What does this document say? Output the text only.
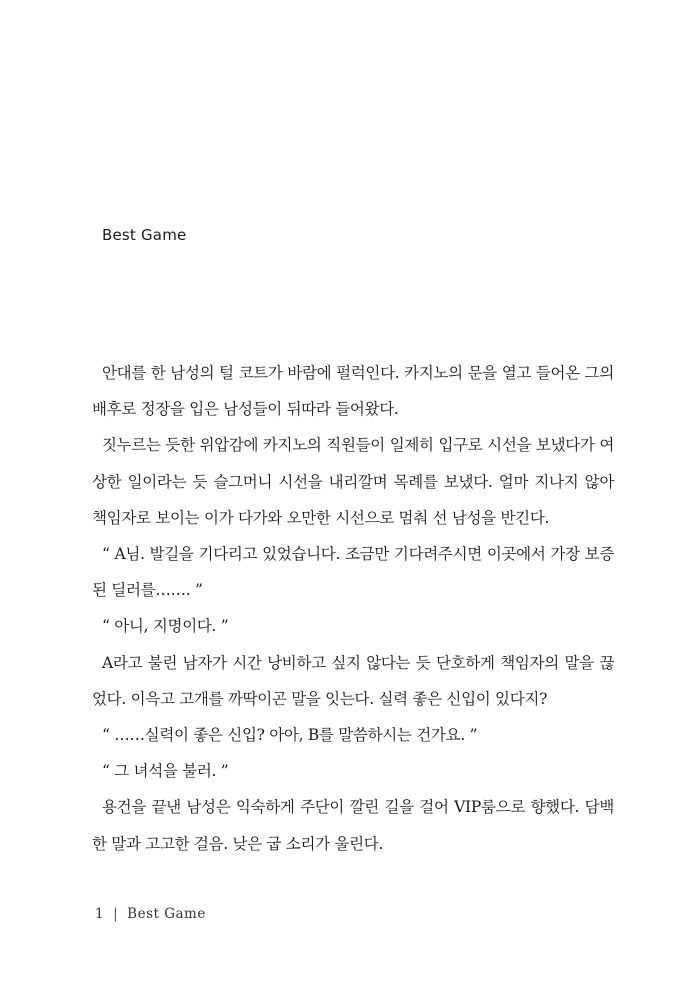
Best Game

안대를 한 남성의 털 코트가 바람에 펄럭인다. 카지노의 문을 열고 들어온 그의 배후로 정장을 입은 남성들이 뒤따라 들어왔다.

짓누르는 듯한 위압감에 카지노의 직원들이 일제히 입구로 시선을 보냈다가 여상한 일이라는 듯 슬그머니 시선을 내리깔며 목례를 보냈다. 얼마 지나지 않아 책임자로 보이는 이가 다가와 오만한 시선으로 멈춰 선 남성을 반긴다.

“ A님. 발길을 기다리고 있었습니다. 조금만 기다려주시면 이곳에서 가장 보증된 딜러를……. ”

“ 아니, 지명이다. ”

A라고 불린 남자가 시간 낭비하고 싶지 않다는 듯 단호하게 책임자의 말을 끊었다. 이윽고 고개를 까딱이곤 말을 잇는다. 실력 좋은 신입이 있다지?

“ ……실력이 좋은 신입? 아아, B를 말씀하시는 건가요. ”

“ 그 녀석을 불러. ”

용건을 끝낸 남성은 익숙하게 주단이 깔린 길을 걸어 VIP룸으로 향했다. 담백한 말과 고고한 걸음. 낮은 굽 소리가 울린다.

1 | Best Game
